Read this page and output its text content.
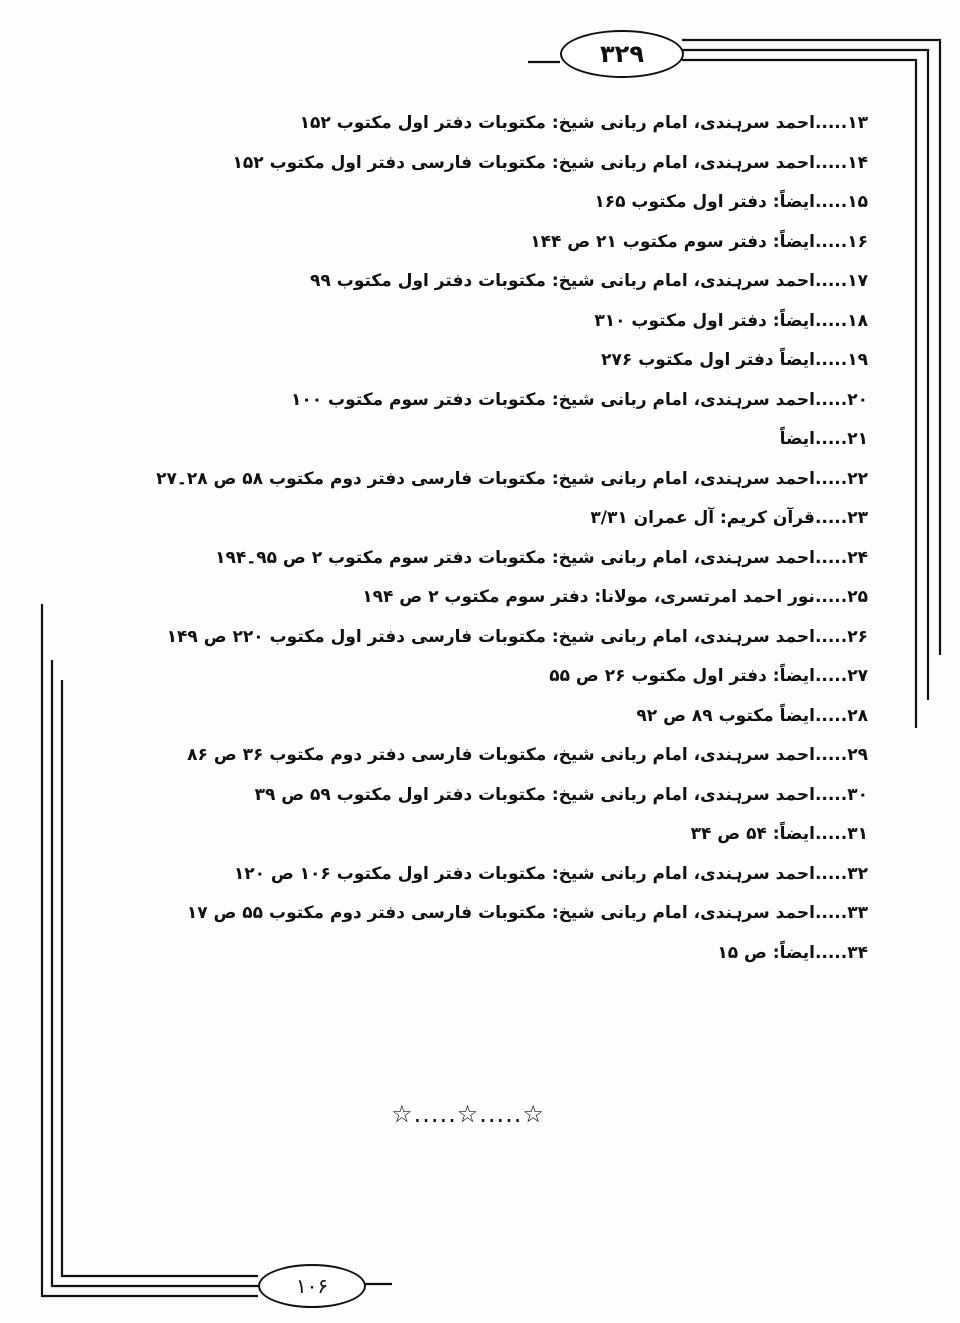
۳۲۹
۱۳.....احمد سرہندی، امام ربانی شیخ: مکتوبات دفتر اول مکتوب ۱۵۲
۱۴.....احمد سرہندی، امام ربانی شیخ: مکتوبات فارسی دفتر اول مکتوب ۱۵۲
۱۵.....ایضاً: دفتر اول مکتوب ۱۶۵
۱۶.....ایضاً: دفتر سوم مکتوب ۲۱ ص ۱۴۴
۱۷.....احمد سرہندی، امام ربانی شیخ: مکتوبات دفتر اول مکتوب ۹۹
۱۸.....ایضاً: دفتر اول مکتوب ۳۱۰
۱۹.....ایضاً دفتر اول مکتوب ۲۷۶
۲۰.....احمد سرہندی، امام ربانی شیخ: مکتوبات دفتر سوم مکتوب ۱۰۰
۲۱.....ایضاً
۲۲.....احمد سرہندی، امام ربانی شیخ: مکتوبات فارسی دفتر دوم مکتوب ۵۸ ص ۲۸۔۲۷
۲۳.....قرآن کریم: آل عمران ۳/۳۱
۲۴.....احمد سرہندی، امام ربانی شیخ: مکتوبات دفتر سوم مکتوب ۲ ص ۹۵۔۱۹۴
۲۵.....نور احمد امرتسری، مولانا: دفتر سوم مکتوب ۲ ص ۱۹۴
۲۶.....احمد سرہندی، امام ربانی شیخ: مکتوبات فارسی دفتر اول مکتوب ۲۲۰ ص ۱۴۹
۲۷.....ایضاً: دفتر اول مکتوب ۲۶ ص ۵۵
۲۸.....ایضاً مکتوب ۸۹ ص ۹۲
۲۹.....احمد سرہندی، امام ربانی شیخ، مکتوبات فارسی دفتر دوم مکتوب ۳۶ ص ۸۶
۳۰.....احمد سرہندی، امام ربانی شیخ: مکتوبات دفتر اول مکتوب ۵۹ ص ۳۹
۳۱.....ایضاً: ۵۴ ص ۳۴
۳۲.....احمد سرہندی، امام ربانی شیخ: مکتوبات دفتر اول مکتوب ۱۰۶ ص ۱۲۰
۳۳.....احمد سرہندی، امام ربانی شیخ: مکتوبات فارسی دفتر دوم مکتوب ۵۵ ص ۱۷
۳۴.....ایضاً: ص ۱۵
☆.....☆.....☆
۱۰۶
